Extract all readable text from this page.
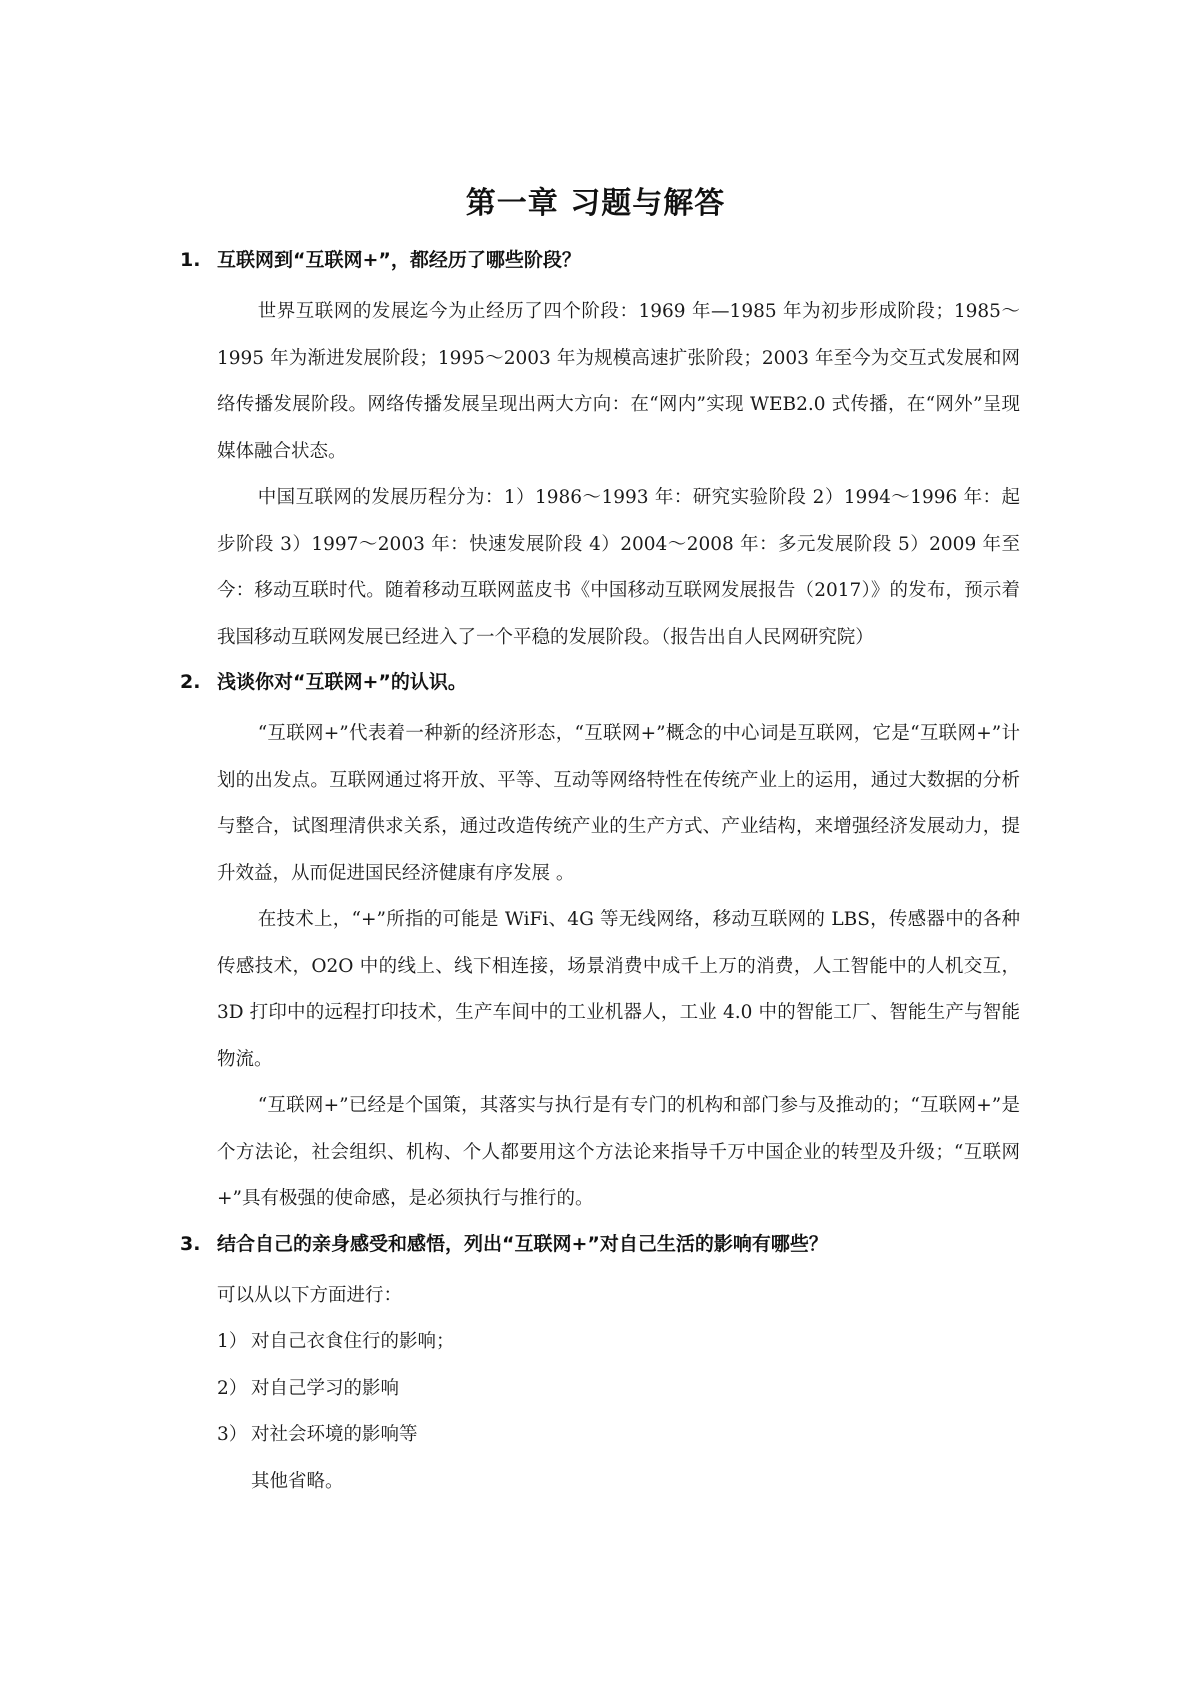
第一章 习题与解答
1. 互联网到“互联网+”，都经历了哪些阶段？

世界互联网的发展迄今为止经历了四个阶段：1969 年—1985 年为初步形成阶段；1985～ 1995 年为渐进发展阶段；1995～2003 年为规模高速扩张阶段；2003 年至今为交互式发展和网络传播发展阶段。网络传播发展呈现出两大方向：在“网内”实现 WEB2.0 式传播，在“网外”呈现媒体融合状态。

中国互联网的发展历程分为：1）1986～1993 年：研究实验阶段 2）1994～1996 年：起步阶段 3）1997～2003 年：快速发展阶段 4）2004～2008 年：多元发展阶段 5）2009 年至今：移动互联时代。随着移动互联网蓝皮书《中国移动互联网发展报告（2017）》的发布，预示着我国移动互联网发展已经进入了一个平稳的发展阶段。（报告出自人民网研究院）

2. 浅谈你对“互联网+”的认识。

“互联网+”代表着一种新的经济形态，“互联网+”概念的中心词是互联网，它是“互联网+”计划的出发点。互联网通过将开放、平等、互动等网络特性在传统产业上的运用，通过大数据的分析与整合，试图理清供求关系，通过改造传统产业的生产方式、产业结构，来增强经济发展动力，提升效益，从而促进国民经济健康有序发展 。

在技术上，“+”所指的可能是 WiFi、4G 等无线网络，移动互联网的 LBS，传感器中的各种传感技术，O2O 中的线上、线下相连接，场景消费中成千上万的消费，人工智能中的人机交互，3D 打印中的远程打印技术，生产车间中的工业机器人，工业 4.0 中的智能工厂、智能生产与智能物流。

“互联网+”已经是个国策，其落实与执行是有专门的机构和部门参与及推动的；“互联网+”是个方法论，社会组织、机构、个人都要用这个方法论来指导千万中国企业的转型及升级；“互联网+”具有极强的使命感，是必须执行与推行的。

3. 结合自己的亲身感受和感悟，列出“互联网+”对自己生活的影响有哪些？

可以从以下方面进行：

1） 对自己衣食住行的影响；

2） 对自己学习的影响

3） 对社会环境的影响等

其他省略。
